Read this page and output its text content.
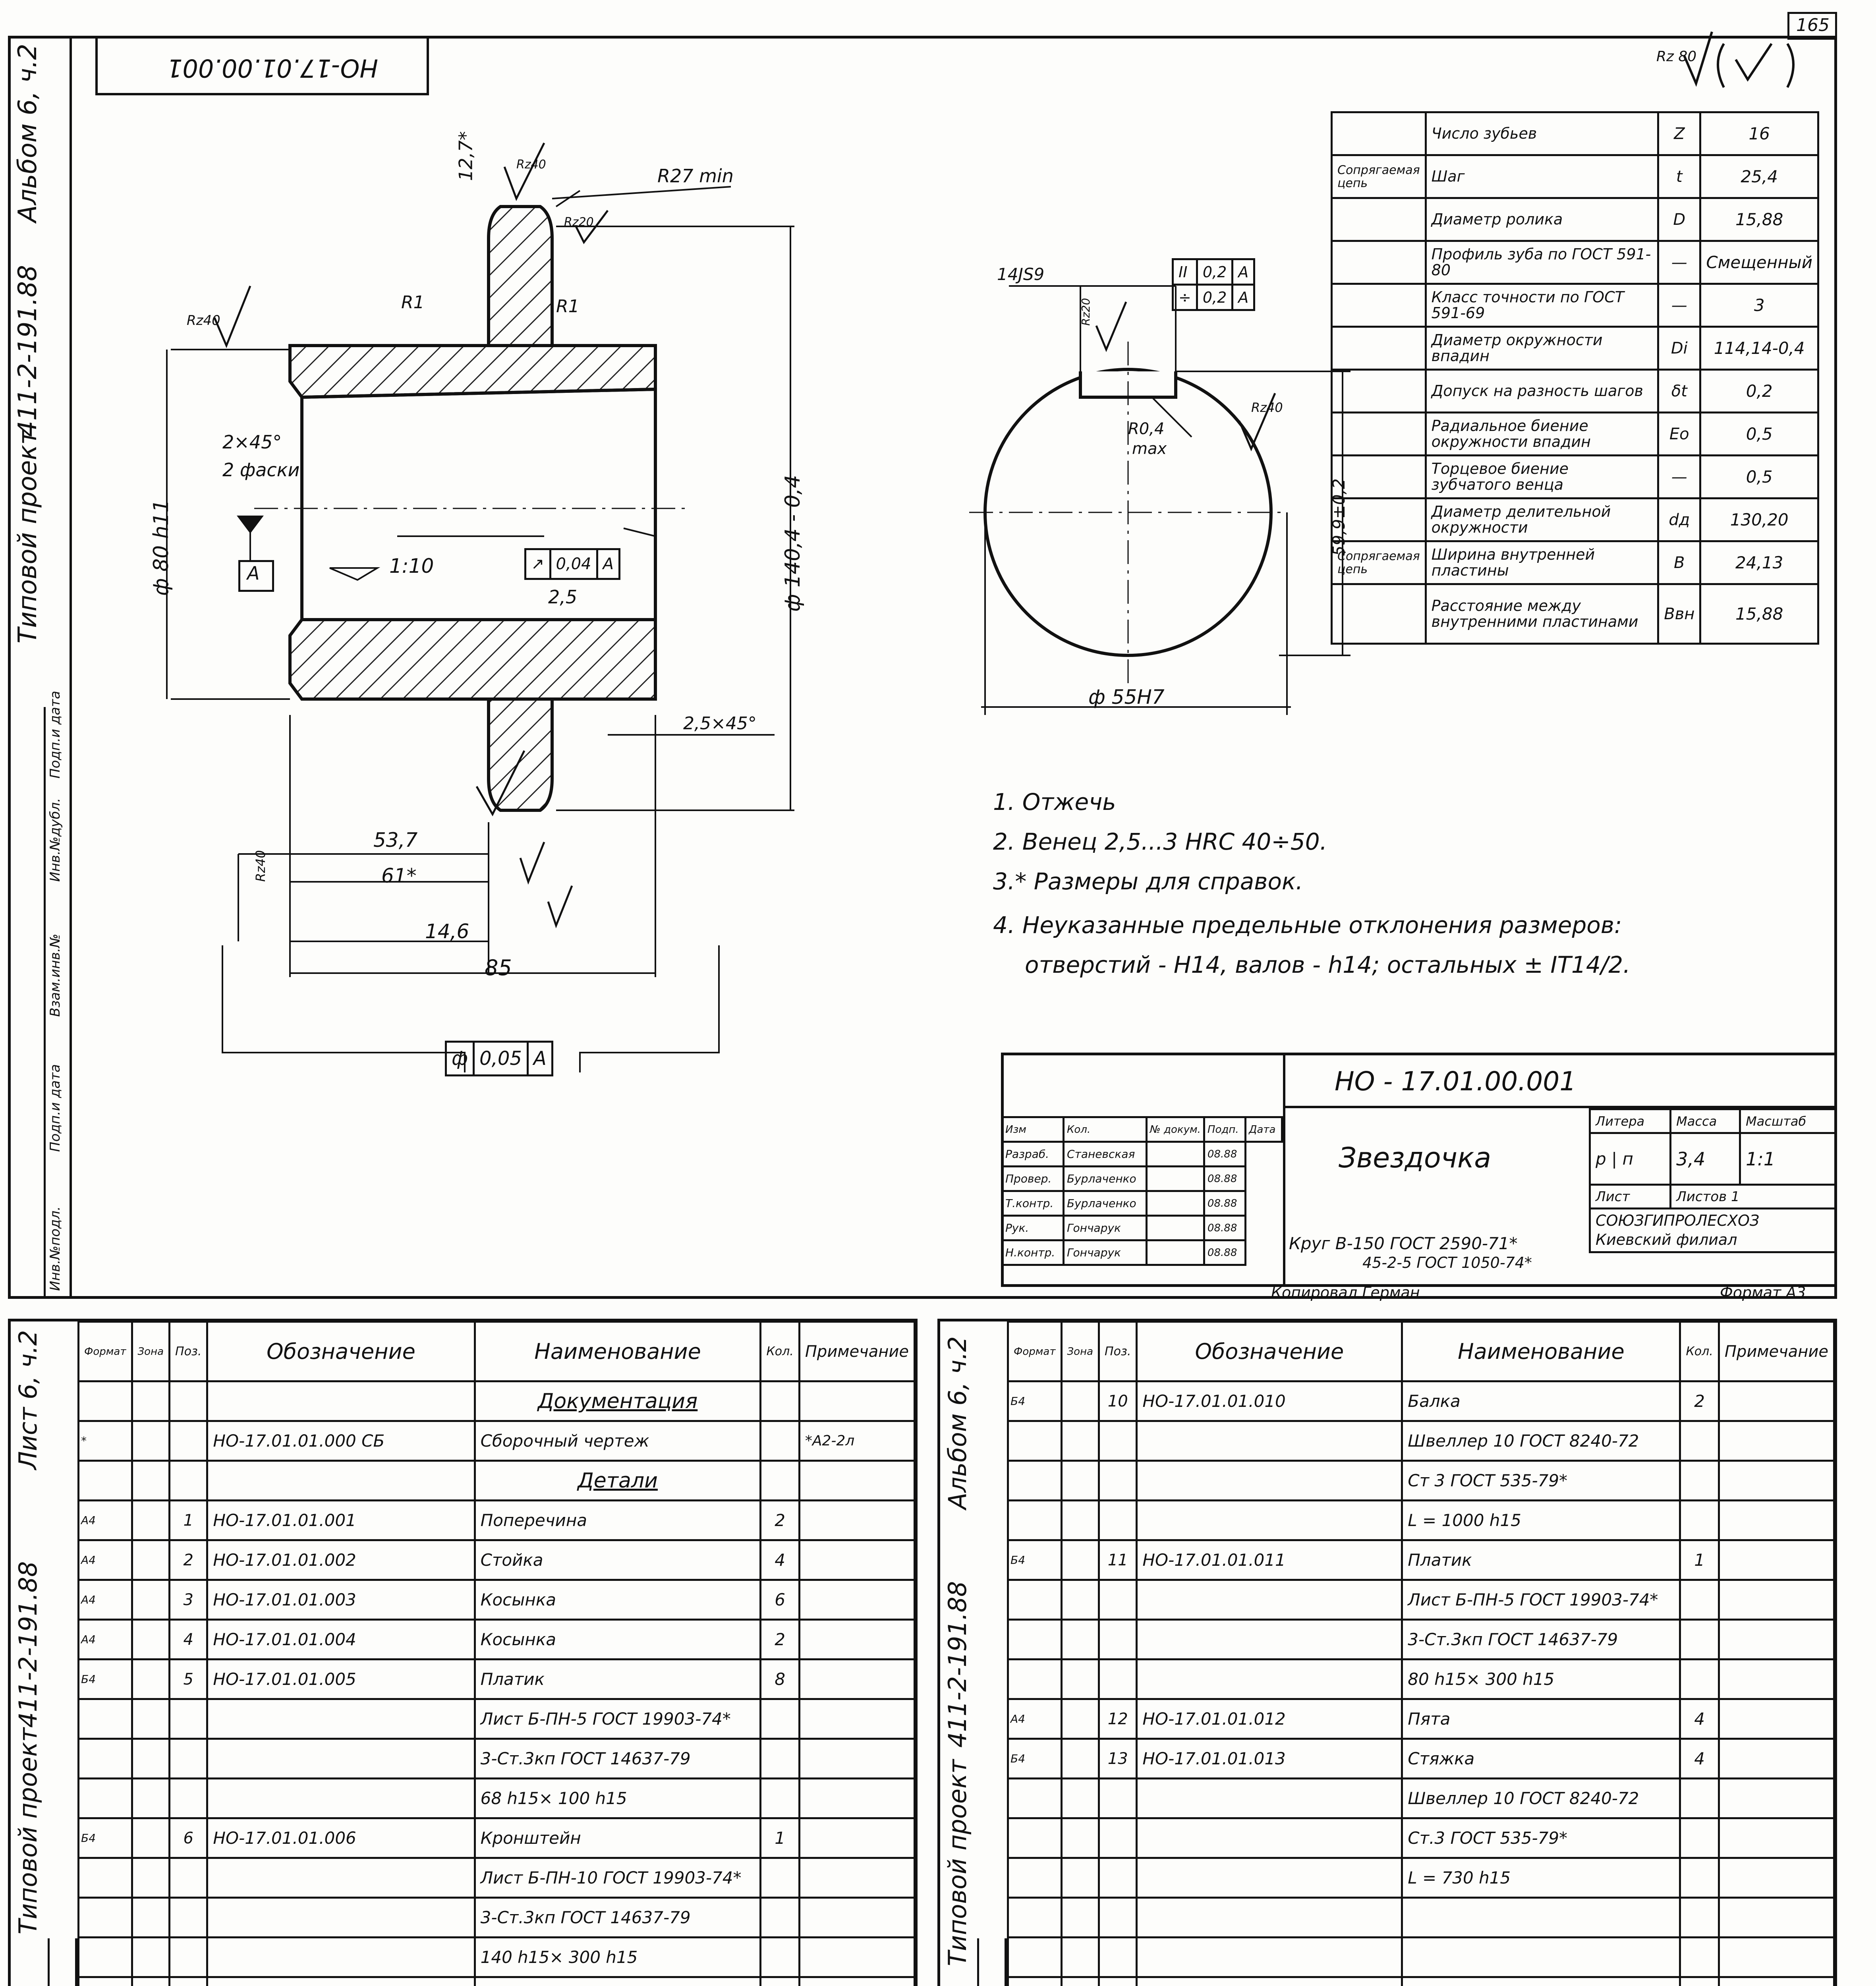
165
Типовой проект
411-2-191.88
Альбом 6, ч.2
Инв.№подл.
Подп.и дата
Взам.инв.№
Инв.№дубл.
Подп.и дата
НО-17.01.00.001	Rz 80
R27 min
12,7*	Rz40
Rz20
Rz40
R1	R1
2×45°
2 фаски
ф 80 h11	ф 140,4 - 0,4
А	1:10	↗	0,04	А
2,5
2,5×45°
53,7
61*
14,6
85
Rz40
ф	0,05	А
14JS9	II	0,2	А
÷	0,2	А
Rz20
Rz40
R0,4
max
59,9±0,2
ф 55Н7
	Число зубьев	Z	16
Сопрягаемая цепь	Шаг	t	25,4
	Диаметр ролика	D	15,88
	Профиль зуба по ГОСТ 591-80	—	Смещенный
	Класс точности по ГОСТ 591-69	—	3
	Диаметр окружности впадин	Di	114,14-0,4
	Допуск на разность шагов	δt	0,2
	Радиальное биение окружности впадин	Eo	0,5
	Торцевое биение зубчатого венца	—	0,5
	Диаметр делительной окружности	dд	130,20
Сопрягаемая цепь	Ширина внутренней пластины	В	24,13
	Расстояние между внутренними пластинами	Bвн	15,88
1. Отжечь
2. Венец 2,5...3 HRC 40÷50.
3.* Размеры для справок.
4. Неуказанные предельные отклонения размеров:
отверстий - Н14, валов - h14; остальных ± IT14/2.
НО - 17.01.00.001
Звездочка
Круг В-150 ГОСТ 2590-71*
45-2-5 ГОСТ 1050-74*
Литера	Масса	Масштаб
р | п	3,4	1:1
Лист	Листов 1	
СОЮЗГИПРОЛЕСХОЗ
Киевский филиал		
Изм	Кол.	№ докум.	Подп.	Дата
Разраб.	Станевская		08.88	
Провер.	Бурлаченко		08.88	
Т.контр.	Бурлаченко		08.88	
Рук.	Гончарук		08.88	
Н.контр.	Гончарук		08.88	
Копировал Герман	Формат А3
Лист 6, ч.2
411-2-191.88
Типовой проект
Формат	Зона	Поз.	Обозначение	Наименование	Кол.	Примечание
				Документация		
*			НО-17.01.01.000 СБ	Сборочный чертеж		*А2-2л
				Детали		
А4		1	НО-17.01.01.001	Поперечина	2	
А4		2	НО-17.01.01.002	Стойка	4	
А4		3	НО-17.01.01.003	Косынка	6	
А4		4	НО-17.01.01.004	Косынка	2	
Б4		5	НО-17.01.01.005	Платик	8	
				Лист Б-ПН-5 ГОСТ 19903-74*		
				3-Ст.3кп ГОСТ 14637-79		
				68 h15× 100 h15		
Б4		6	НО-17.01.01.006	Кронштейн	1	
				Лист Б-ПН-10 ГОСТ 19903-74*		
				3-Ст.3кп ГОСТ 14637-79		
				140 h15× 300 h15		

Альбом 6, ч.2
411-2-191.88
Типовой проект
Формат	Зона	Поз.	Обозначение	Наименование	Кол.	Примечание
Б4		10	НО-17.01.01.010	Балка	2	
				Швеллер 10 ГОСТ 8240-72		
				Ст 3 ГОСТ 535-79*		
				L = 1000 h15		
Б4		11	НО-17.01.01.011	Платик	1	
				Лист Б-ПН-5 ГОСТ 19903-74*		
				3-Ст.3кп ГОСТ 14637-79		
				80 h15× 300 h15		
А4		12	НО-17.01.01.012	Пята	4	
Б4		13	НО-17.01.01.013	Стяжка	4	
				Швеллер 10 ГОСТ 8240-72		
				Ст.3 ГОСТ 535-79*		
				L = 730 h15		
